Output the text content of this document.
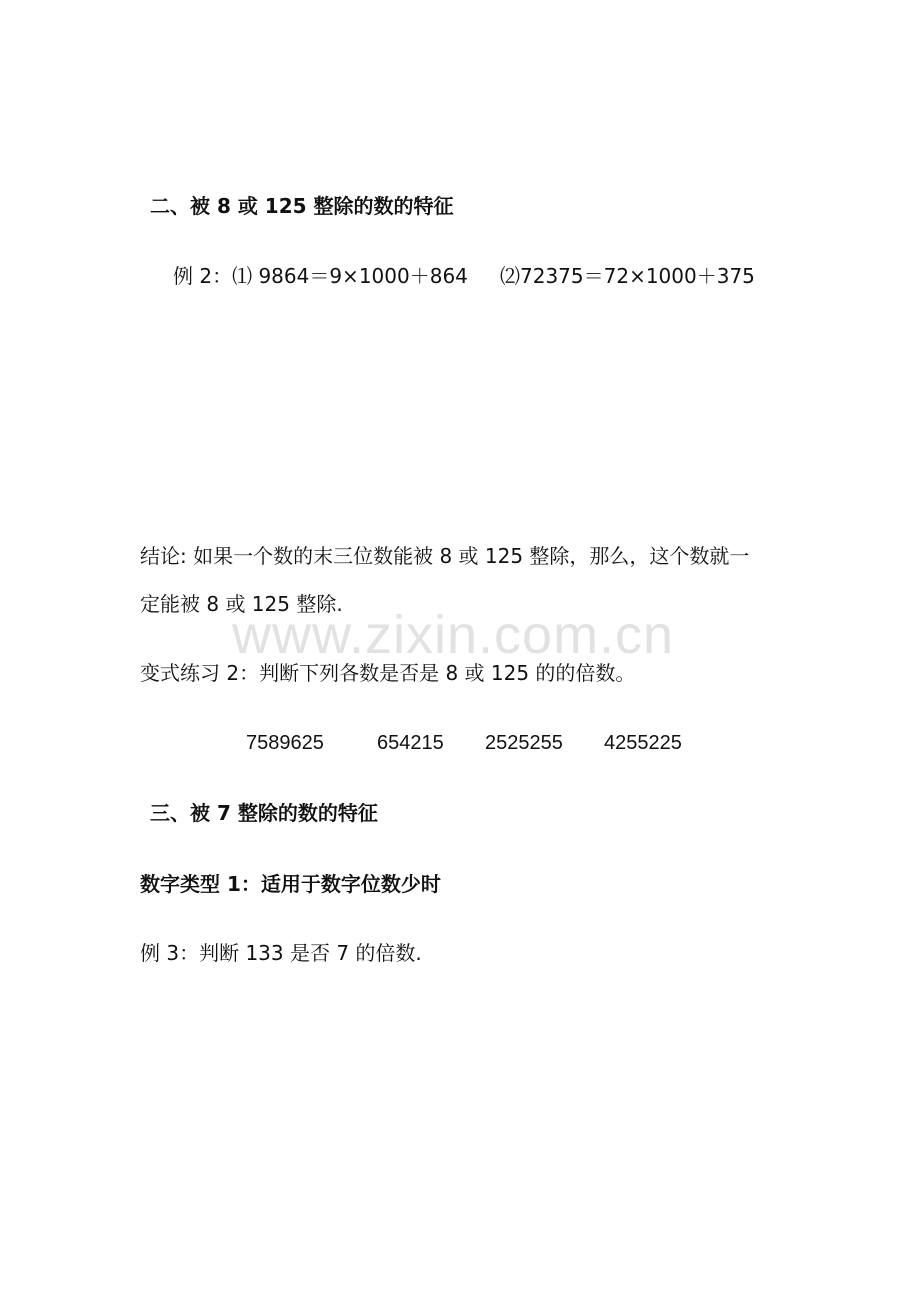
二、被 8 或 125 整除的数的特征
例 2：⑴ 9864＝9×1000＋864 ⑵72375＝72×1000＋375
结论: 如果一个数的末三位数能被 8 或 125 整除，那么，这个数就一
定能被 8 或 125 整除.
www.zixin.com.cn
变式练习 2：判断下列各数是否是 8 或 125 的的倍数。
7589625	654215 2525255 4255225
三、被 7 整除的数的特征
数字类型 1：适用于数字位数少时
例 3：判断 133 是否 7 的倍数.
